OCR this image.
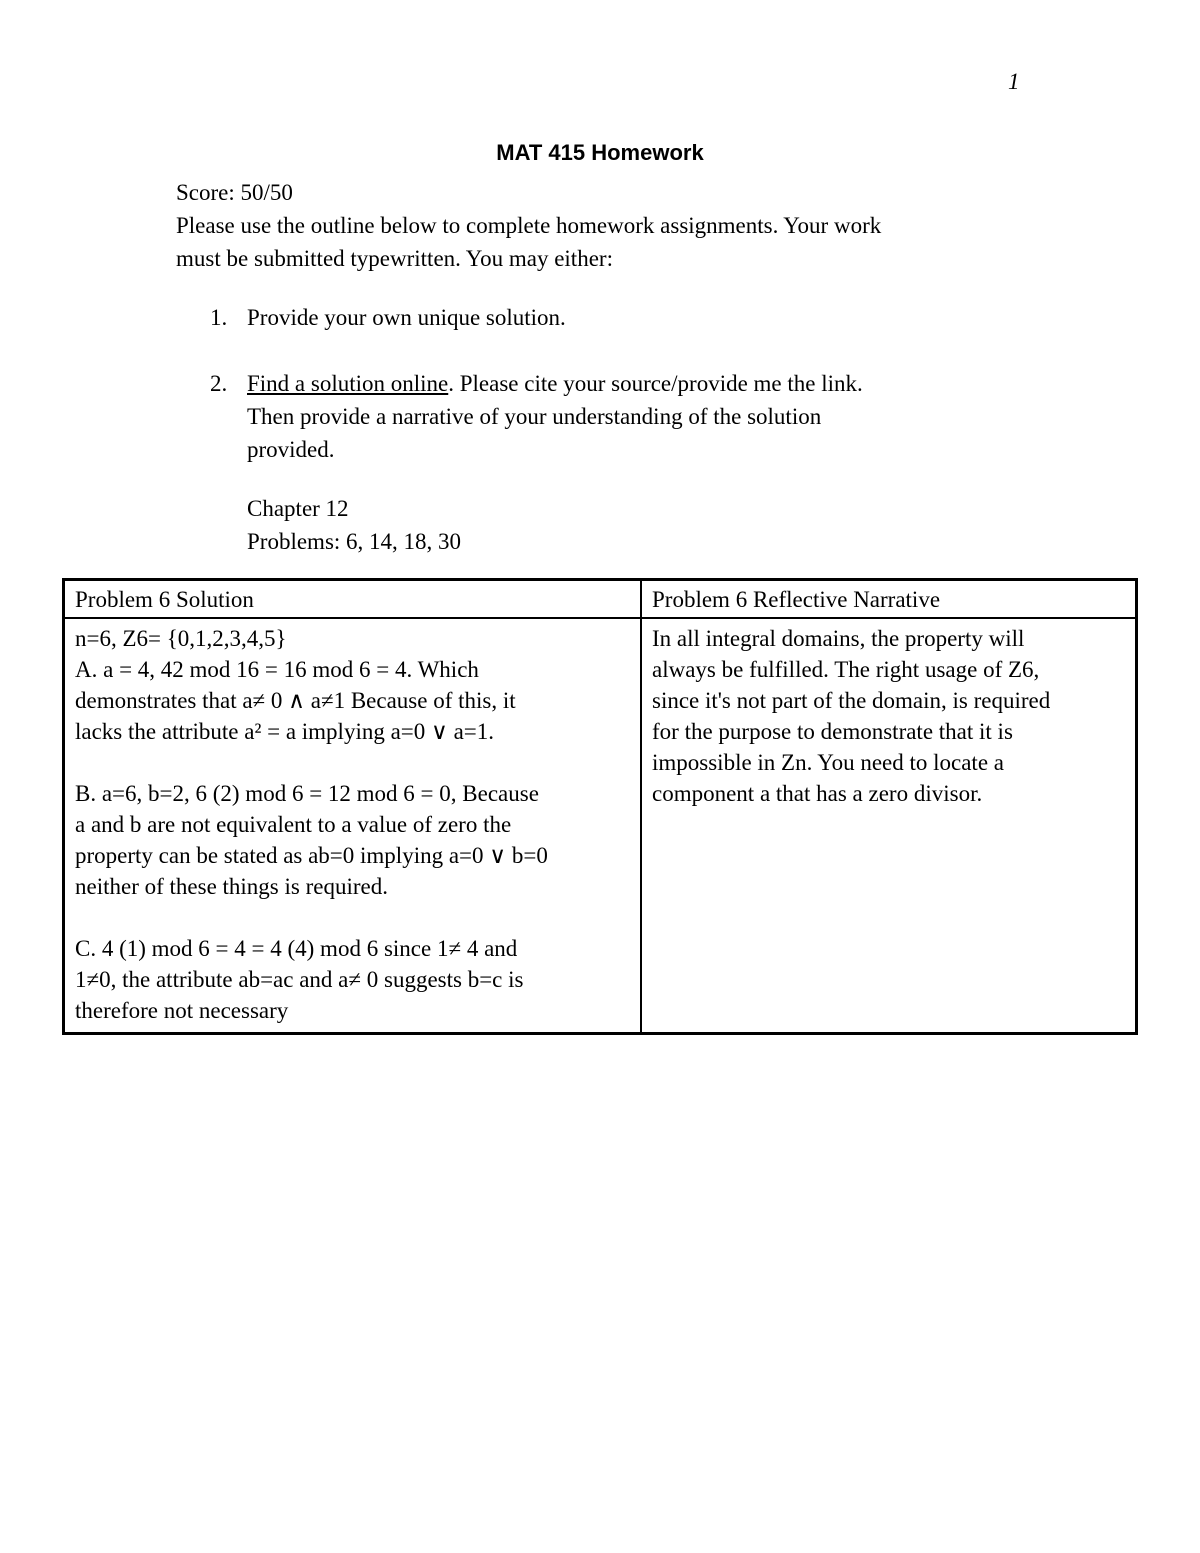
1
MAT 415 Homework
Score: 50/50
Please use the outline below to complete homework assignments. Your work
must be submitted typewritten. You may either:
1. Provide your own unique solution.
2. Find a solution online. Please cite your source/provide me the link.
Then provide a narrative of your understanding of the solution
provided.
Chapter 12
Problems: 6, 14, 18, 30
Problem 6 Solution	Problem 6 Reflective Narrative
n=6, Z6= {0,1,2,3,4,5}
A. a = 4, 42 mod 16 = 16 mod 6 = 4. Which
demonstrates that a≠ 0 ∧ a≠1 Because of this, it
lacks the attribute a² = a implying a=0 ∨ a=1.
B. a=6, b=2, 6 (2) mod 6 = 12 mod 6 = 0, Because
a and b are not equivalent to a value of zero the
property can be stated as ab=0 implying a=0 ∨ b=0
neither of these things is required.
C. 4 (1) mod 6 = 4 = 4 (4) mod 6 since 1≠ 4 and
1≠0, the attribute ab=ac and a≠ 0 suggests b=c is
therefore not necessary
In all integral domains, the property will
always be fulfilled. The right usage of Z6,
since it's not part of the domain, is required
for the purpose to demonstrate that it is
impossible in Zn. You need to locate a
component a that has a zero divisor.
